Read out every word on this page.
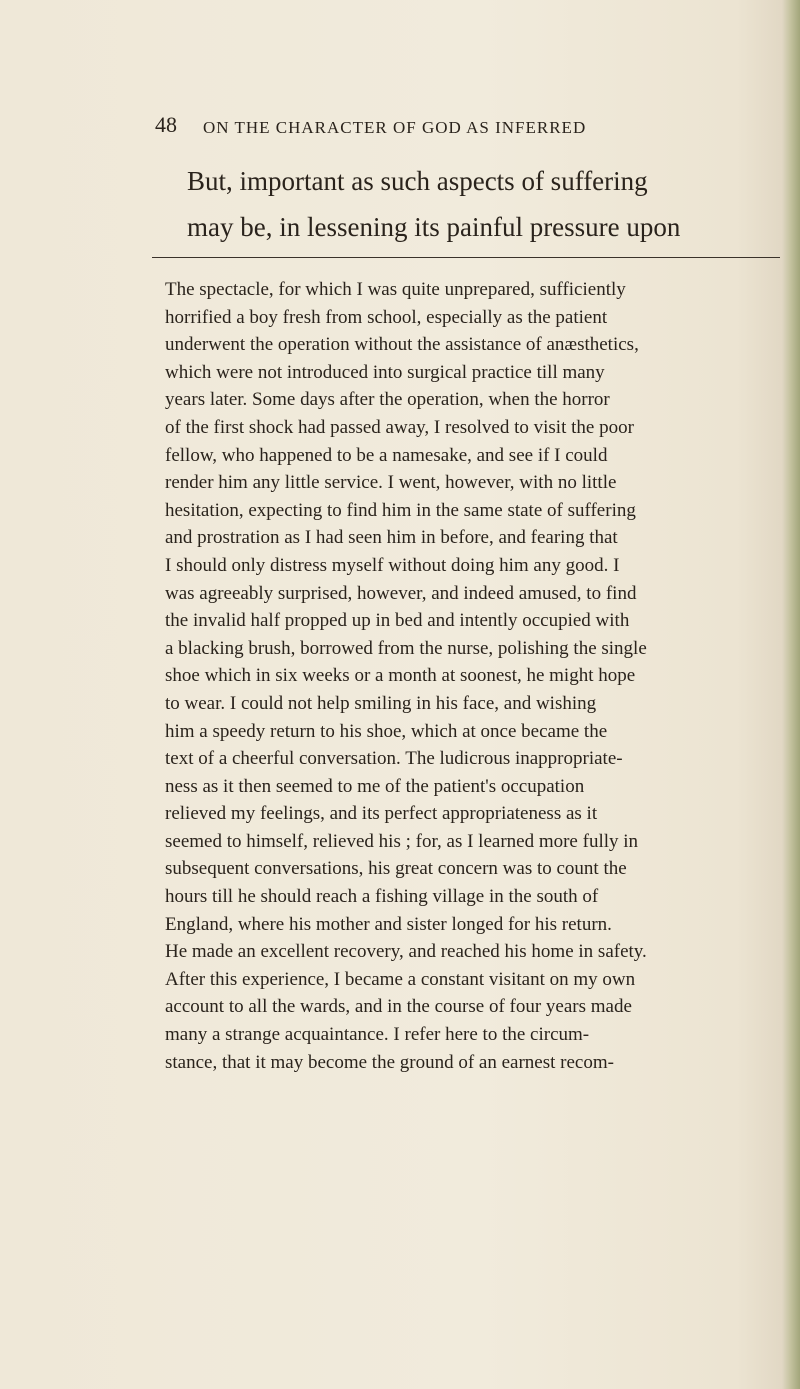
48 ON THE CHARACTER OF GOD AS INFERRED
But, important as such aspects of suffering
may be, in lessening its painful pressure upon
The spectacle, for which I was quite unprepared, sufficiently
horrified a boy fresh from school, especially as the patient
underwent the operation without the assistance of anæsthetics,
which were not introduced into surgical practice till many
years later. Some days after the operation, when the horror
of the first shock had passed away, I resolved to visit the poor
fellow, who happened to be a namesake, and see if I could
render him any little service. I went, however, with no little
hesitation, expecting to find him in the same state of suffering
and prostration as I had seen him in before, and fearing that
I should only distress myself without doing him any good. I
was agreeably surprised, however, and indeed amused, to find
the invalid half propped up in bed and intently occupied with
a blacking brush, borrowed from the nurse, polishing the single
shoe which in six weeks or a month at soonest, he might hope
to wear. I could not help smiling in his face, and wishing
him a speedy return to his shoe, which at once became the
text of a cheerful conversation. The ludicrous inappropriate-
ness as it then seemed to me of the patient's occupation
relieved my feelings, and its perfect appropriateness as it
seemed to himself, relieved his ; for, as I learned more fully in
subsequent conversations, his great concern was to count the
hours till he should reach a fishing village in the south of
England, where his mother and sister longed for his return.
He made an excellent recovery, and reached his home in safety.
After this experience, I became a constant visitant on my own
account to all the wards, and in the course of four years made
many a strange acquaintance. I refer here to the circum-
stance, that it may become the ground of an earnest recom-
